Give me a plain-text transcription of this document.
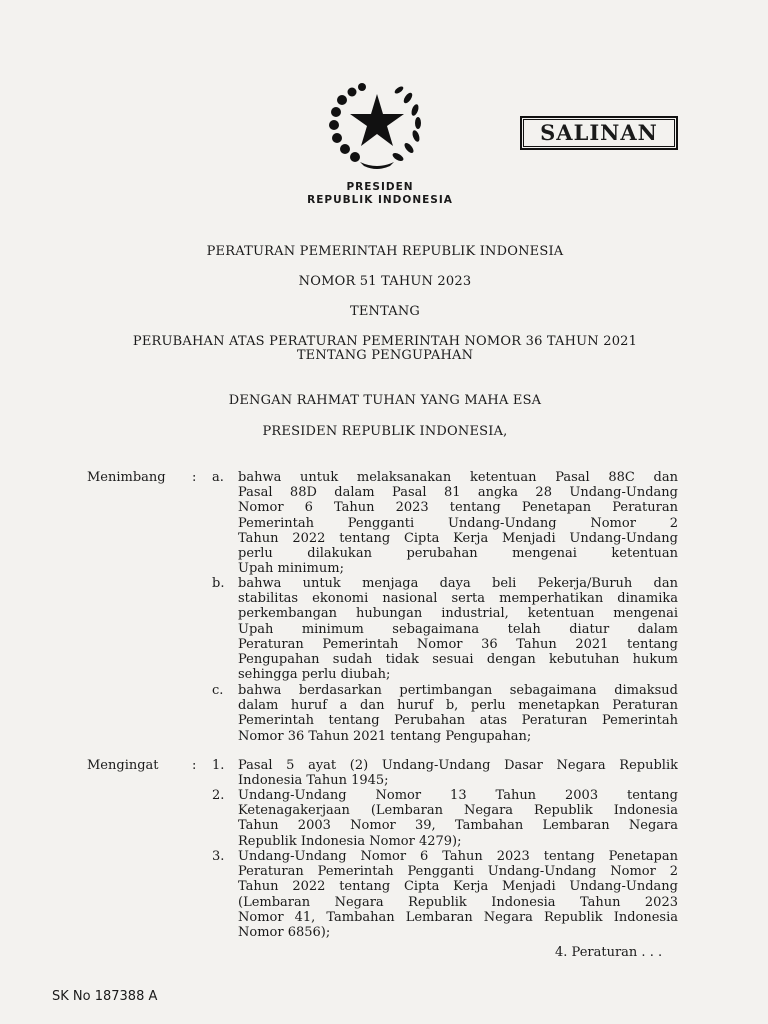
SALINAN
PRESIDEN
REPUBLIK INDONESIA
PERATURAN PEMERINTAH REPUBLIK INDONESIA
NOMOR 51 TAHUN 2023
TENTANG
PERUBAHAN ATAS PERATURAN PEMERINTAH NOMOR 36 TAHUN 2021
TENTANG PENGUPAHAN
DENGAN RAHMAT TUHAN YANG MAHA ESA
PRESIDEN REPUBLIK INDONESIA,
Menimbang : a. bahwa untuk melaksanakan ketentuan Pasal 88C dan
Pasal 88D dalam Pasal 81 angka 28 Undang-Undang
Nomor 6 Tahun 2023 tentang Penetapan Peraturan
Pemerintah Pengganti Undang-Undang Nomor 2
Tahun 2022 tentang Cipta Kerja Menjadi Undang-Undang
perlu dilakukan perubahan mengenai ketentuan
Upah minimum;
b. bahwa untuk menjaga daya beli Pekerja/Buruh dan
stabilitas ekonomi nasional serta memperhatikan dinamika
perkembangan hubungan industrial, ketentuan mengenai
Upah minimum sebagaimana telah diatur dalam
Peraturan Pemerintah Nomor 36 Tahun 2021 tentang
Pengupahan sudah tidak sesuai dengan kebutuhan hukum
sehingga perlu diubah;
c. bahwa berdasarkan pertimbangan sebagaimana dimaksud
dalam huruf a dan huruf b, perlu menetapkan Peraturan
Pemerintah tentang Perubahan atas Peraturan Pemerintah
Nomor 36 Tahun 2021 tentang Pengupahan;
Mengingat	: 1. Pasal 5 ayat (2) Undang-Undang Dasar Negara Republik
Indonesia Tahun 1945;
2. Undang-Undang Nomor 13 Tahun 2003 tentang
Ketenagakerjaan (Lembaran Negara Republik Indonesia
Tahun 2003 Nomor 39, Tambahan Lembaran Negara
Republik Indonesia Nomor 4279);
3. Undang-Undang Nomor 6 Tahun 2023 tentang Penetapan
Peraturan Pemerintah Pengganti Undang-Undang Nomor 2
Tahun 2022 tentang Cipta Kerja Menjadi Undang-Undang
(Lembaran Negara Republik Indonesia Tahun 2023
Nomor 41, Tambahan Lembaran Negara Republik Indonesia
Nomor 6856);
4. Peraturan . . .
SK No 187388 A
